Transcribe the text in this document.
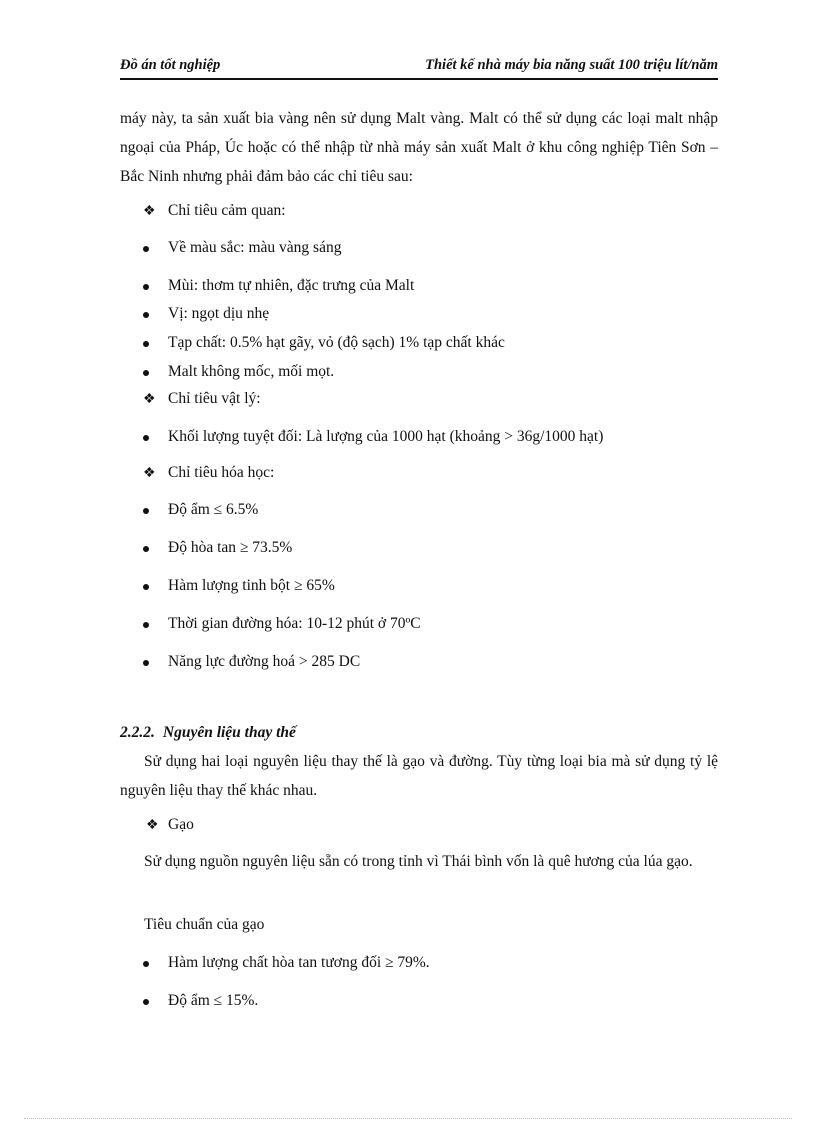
Đồ án tốt nghiệp	Thiết kế nhà máy bia năng suất 100 triệu lít/năm

máy này, ta sản xuất bia vàng nên sử dụng Malt vàng. Malt có thể sử dụng các loại malt nhập ngoại của Pháp, Úc hoặc có thể nhập từ nhà máy sản xuất Malt ở khu công nghiệp Tiên Sơn – Bắc Ninh nhưng phải đảm bảo các chỉ tiêu sau:

❖ Chỉ tiêu cảm quan:
Về màu sắc: màu vàng sáng
Mùi: thơm tự nhiên, đặc trưng của Malt
Vị: ngọt dịu nhẹ
Tạp chất: 0.5% hạt gãy, vỏ (độ sạch) 1% tạp chất khác
Malt không mốc, mối mọt.
❖ Chỉ tiêu vật lý:
Khối lượng tuyệt đối: Là lượng của 1000 hạt (khoảng > 36g/1000 hạt)
❖ Chỉ tiêu hóa học:
Độ ẩm ≤ 6.5%
Độ hòa tan ≥ 73.5%
Hàm lượng tinh bột ≥ 65%
Thời gian đường hóa: 10-12 phút ở 70ºC
Năng lực đường hoá > 285 DC
2.2.2. Nguyên liệu thay thế

Sử dụng hai loại nguyên liệu thay thế là gạo và đường. Tùy từng loại bia mà sử dụng tỷ lệ nguyên liệu thay thế khác nhau.

❖ Gạo

Sử dụng nguồn nguyên liệu sẵn có trong tỉnh vì Thái bình vốn là quê hương của lúa gạo.

Tiêu chuẩn của gạo
Hàm lượng chất hòa tan tương đối ≥ 79%.
Độ ẩm ≤ 15%.
